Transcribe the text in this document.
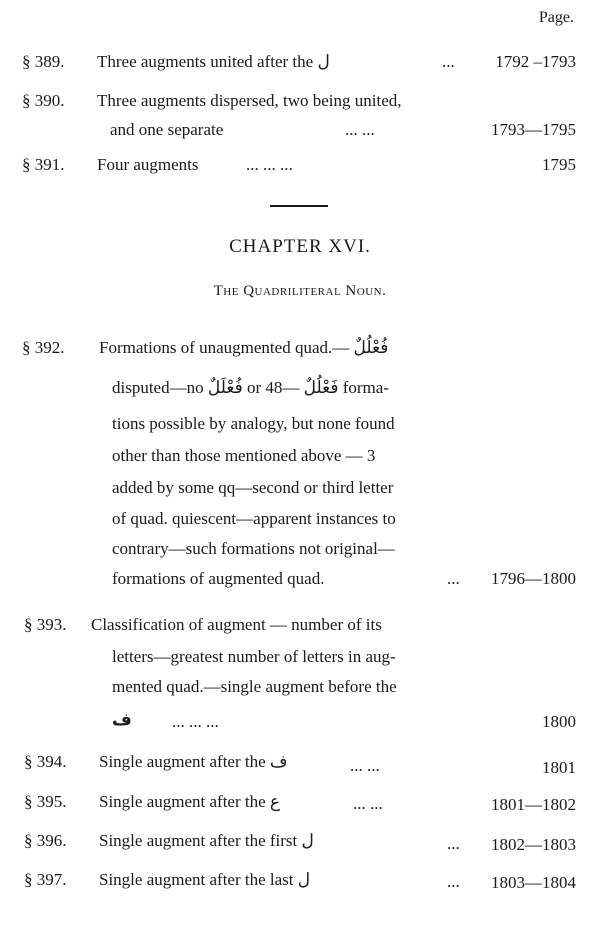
Page.
§ 389. Three augments united after the ل	... 1792 –1793
§ 390. Three augments dispersed, two being united,
and one separate	... ...	1793—1795
§ 391. Four augments	... ... ...	1795
CHAPTER XVI.
The Quadriliteral Noun.
§ 392. Formations of unaugmented quad.— فُعْلُلٌ
disputed—no فُعْلَلٌ or فَعْلُلٌ —48 forma-
tions possible by analogy, but none found
other than those mentioned above — 3
added by some qq—second or third letter
of quad. quiescent—apparent instances to
contrary—such formations not original—
formations of augmented quad.	... 1796—1800
§ 393. Classification of augment — number of its
letters—greatest number of letters in aug-
mented quad.—single augment before the
ف ... ... ...	1800
§ 394. Single augment after the ف	... ...	1801
§ 395. Single augment after the ع	... ...	1801—1802
§ 396. Single augment after the first ل	... 1802—1803
§ 397. Single augment after the last ل	... 1803—1804
